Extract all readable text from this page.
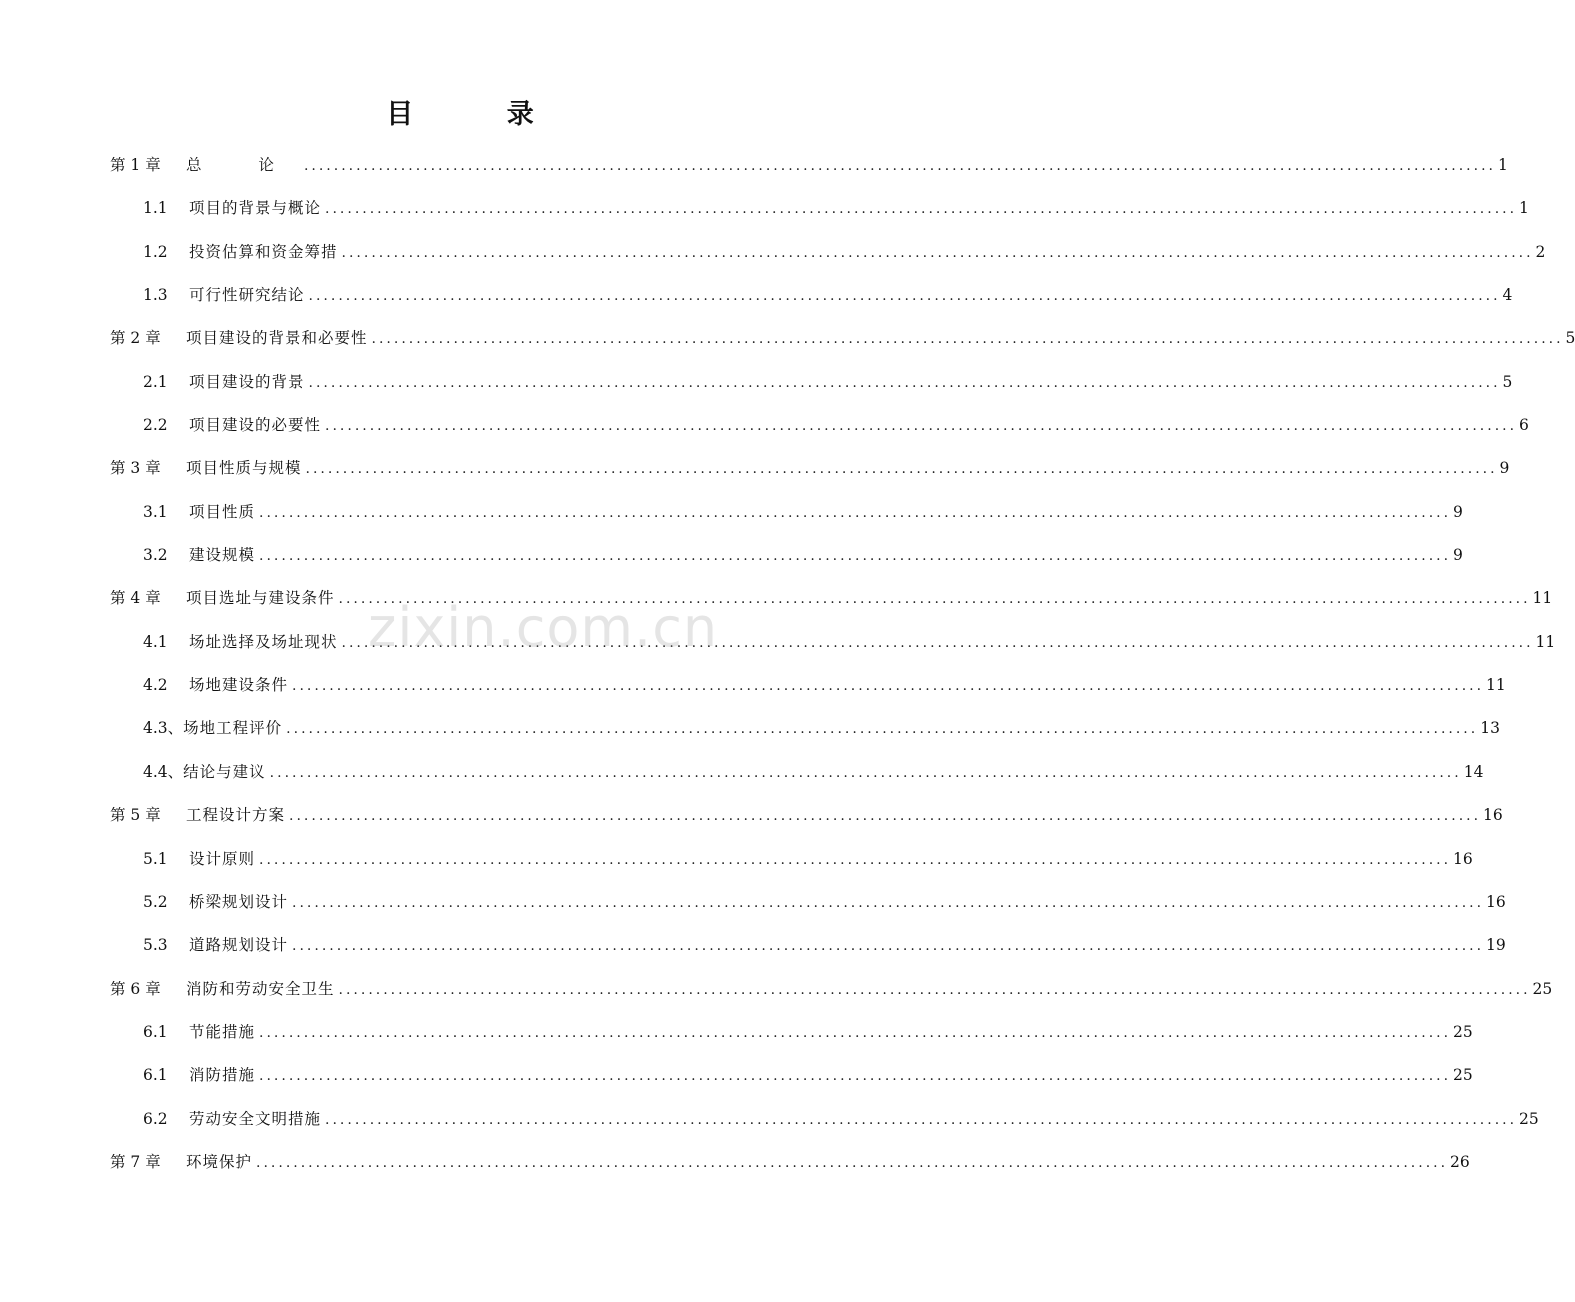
目 录
第 1 章	总 论 ................................................................................................................................................................ 1
1.1	项目的背景与概论 ................................................................................................................................................................ 1
1.2	投资估算和资金筹措 ................................................................................................................................................................ 2
1.3	可行性研究结论 ................................................................................................................................................................ 4
第 2 章	项目建设的背景和必要性 ................................................................................................................................................................ 5
2.1	项目建设的背景 ................................................................................................................................................................ 5
2.2	项目建设的必要性 ................................................................................................................................................................ 6
第 3 章	项目性质与规模 ................................................................................................................................................................ 9
3.1	项目性质 ................................................................................................................................................................ 9
3.2	建设规模 ................................................................................................................................................................ 9
第 4 章	项目选址与建设条件 ................................................................................................................................................................ 11
4.1	场址选择及场址现状 ................................................................................................................................................................ 11
4.2	场地建设条件 ................................................................................................................................................................ 11
4.3、 场地工程评价 ................................................................................................................................................................ 13
4.4、 结论与建议 ................................................................................................................................................................ 14
第 5 章	工程设计方案 ................................................................................................................................................................ 16
5.1	设计原则 ................................................................................................................................................................ 16
5.2	桥梁规划设计 ................................................................................................................................................................ 16
5.3	道路规划设计 ................................................................................................................................................................ 19
第 6 章	消防和劳动安全卫生 ................................................................................................................................................................ 25
6.1	节能措施 ................................................................................................................................................................ 25
6.1	消防措施 ................................................................................................................................................................ 25
6.2	劳动安全文明措施 ................................................................................................................................................................ 25
第 7 章	环境保护 ................................................................................................................................................................ 26
zixin.com.cn
